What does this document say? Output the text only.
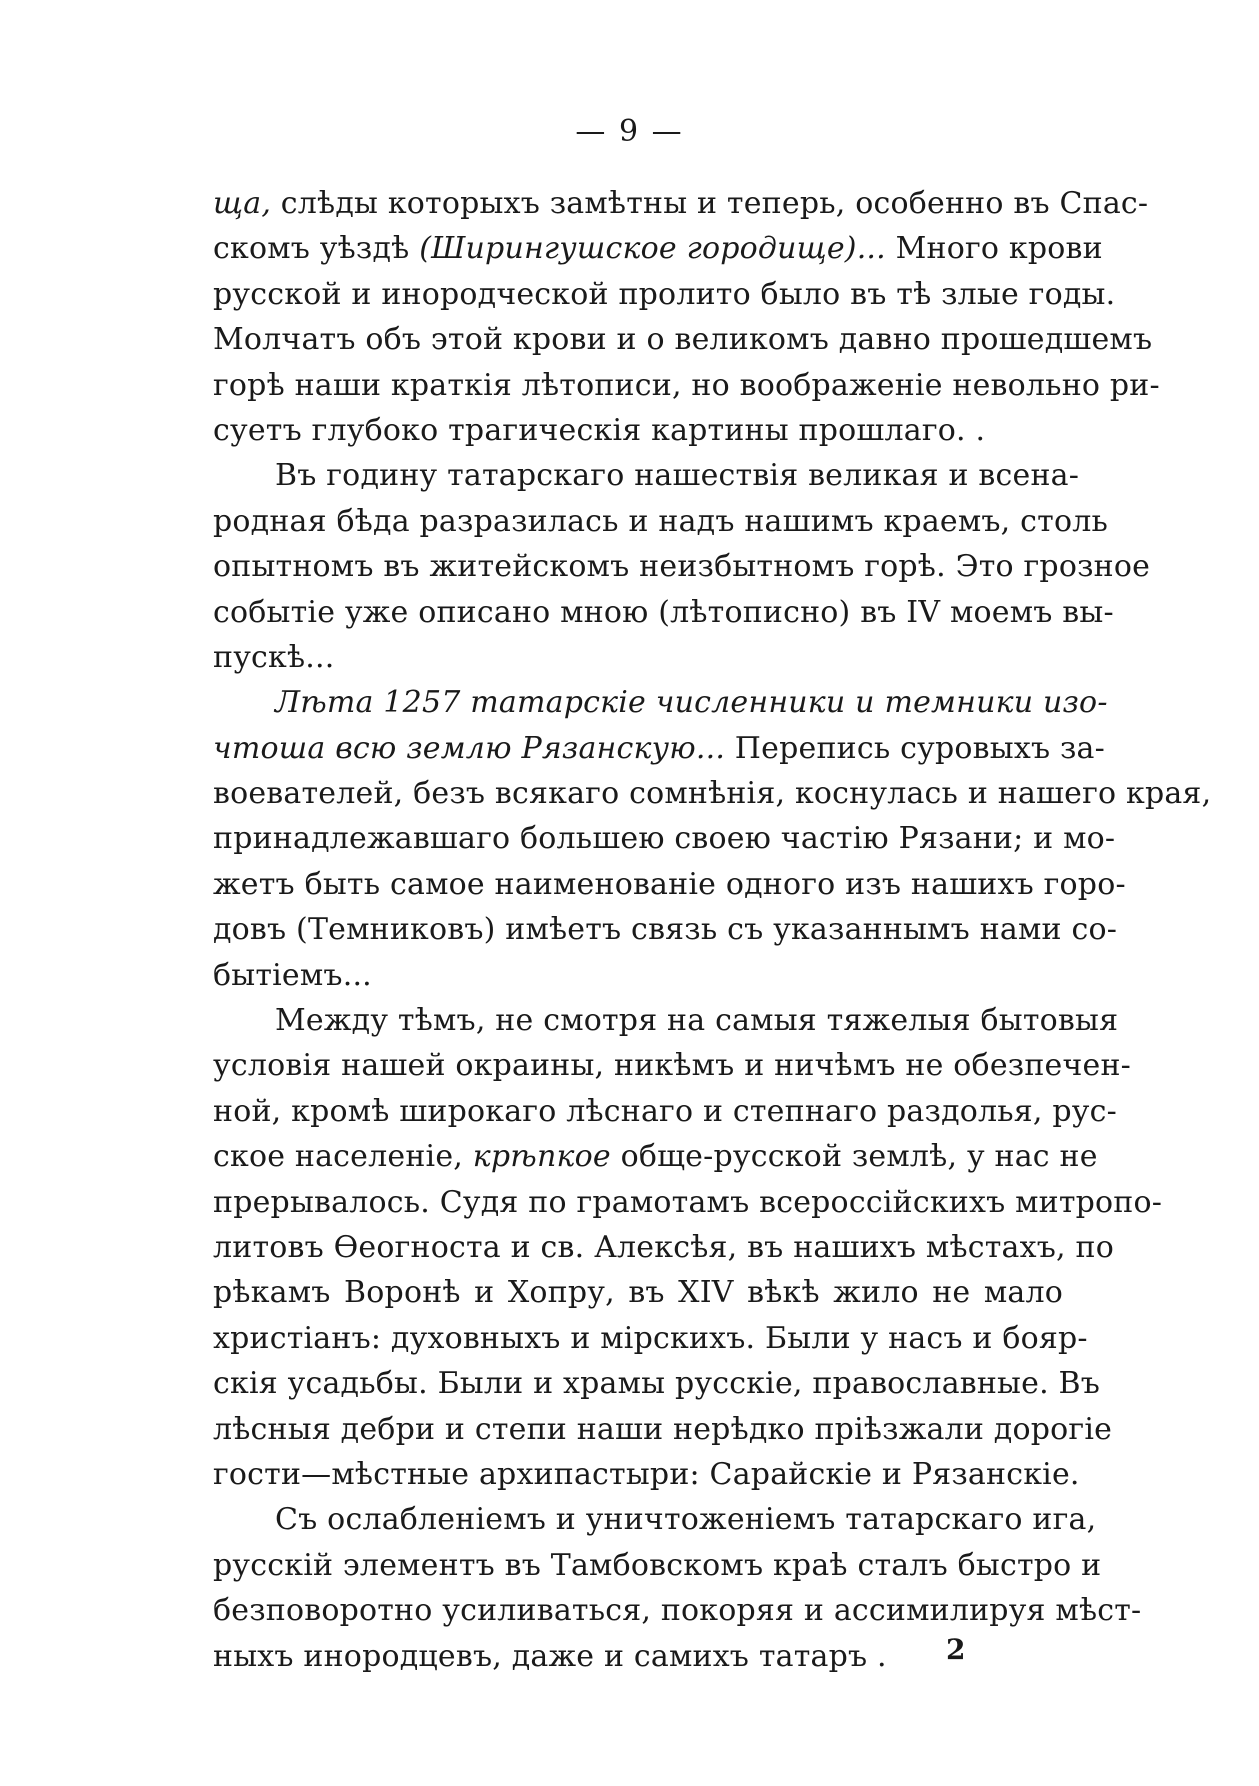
— 9 —
ща, слѣды которыхъ замѣтны и теперь, особенно въ Спас-
скомъ уѣздѣ (Ширингушское городище)... Много крови
русской и инородческой пролито было въ тѣ злые годы.
Молчатъ объ этой крови и о великомъ давно прошедшемъ
горѣ наши краткія лѣтописи, но воображеніе невольно ри-
суетъ глубоко трагическія картины прошлаго. .
Въ годину татарскаго нашествія великая и всена-
родная бѣда разразилась и надъ нашимъ краемъ, столь
опытномъ въ житейскомъ неизбытномъ горѣ. Это грозное
событіе уже описано мною (лѣтописно) въ IV моемъ вы-
пускѣ...
Лѣта 1257 татарскіе численники и темники изо-
чтоша всю землю Рязанскую... Перепись суровыхъ за-
воевателей, безъ всякаго сомнѣнія, коснулась и нашего края,
принадлежавшаго большею своею частію Рязани; и мо-
жетъ быть самое наименованіе одного изъ нашихъ горо-
довъ (Темниковъ) имѣетъ связь съ указаннымъ нами со-
бытіемъ...
Между тѣмъ, не смотря на самыя тяжелыя бытовыя
условія нашей окраины, никѣмъ и ничѣмъ не обезпечен-
ной, кромѣ широкаго лѣснаго и степнаго раздолья, рус-
ское населеніе, крѣпкое обще-русской землѣ, у нас не
прерывалось. Судя по грамотамъ всероссійскихъ митропо-
литовъ Ѳеогноста и св. Алексѣя, въ нашихъ мѣстахъ, по
рѣкамъ Воронѣ и Хопру, въ XIV вѣкѣ жило не мало
христіанъ: духовныхъ и мірскихъ. Были у насъ и бояр-
скія усадьбы. Были и храмы русскіе, православные. Въ
лѣсныя дебри и степи наши нерѣдко пріѣзжали дорогіе
гости—мѣстные архипастыри: Сарайскіе и Рязанскіе.
Съ ослабленіемъ и уничтоженіемъ татарскаго ига,
русскій элементъ въ Тамбовскомъ краѣ сталъ быстро и
безповоротно усиливаться, покоряя и ассимилируя мѣст-
ныхъ инородцевъ, даже и самихъ татаръ .	2
